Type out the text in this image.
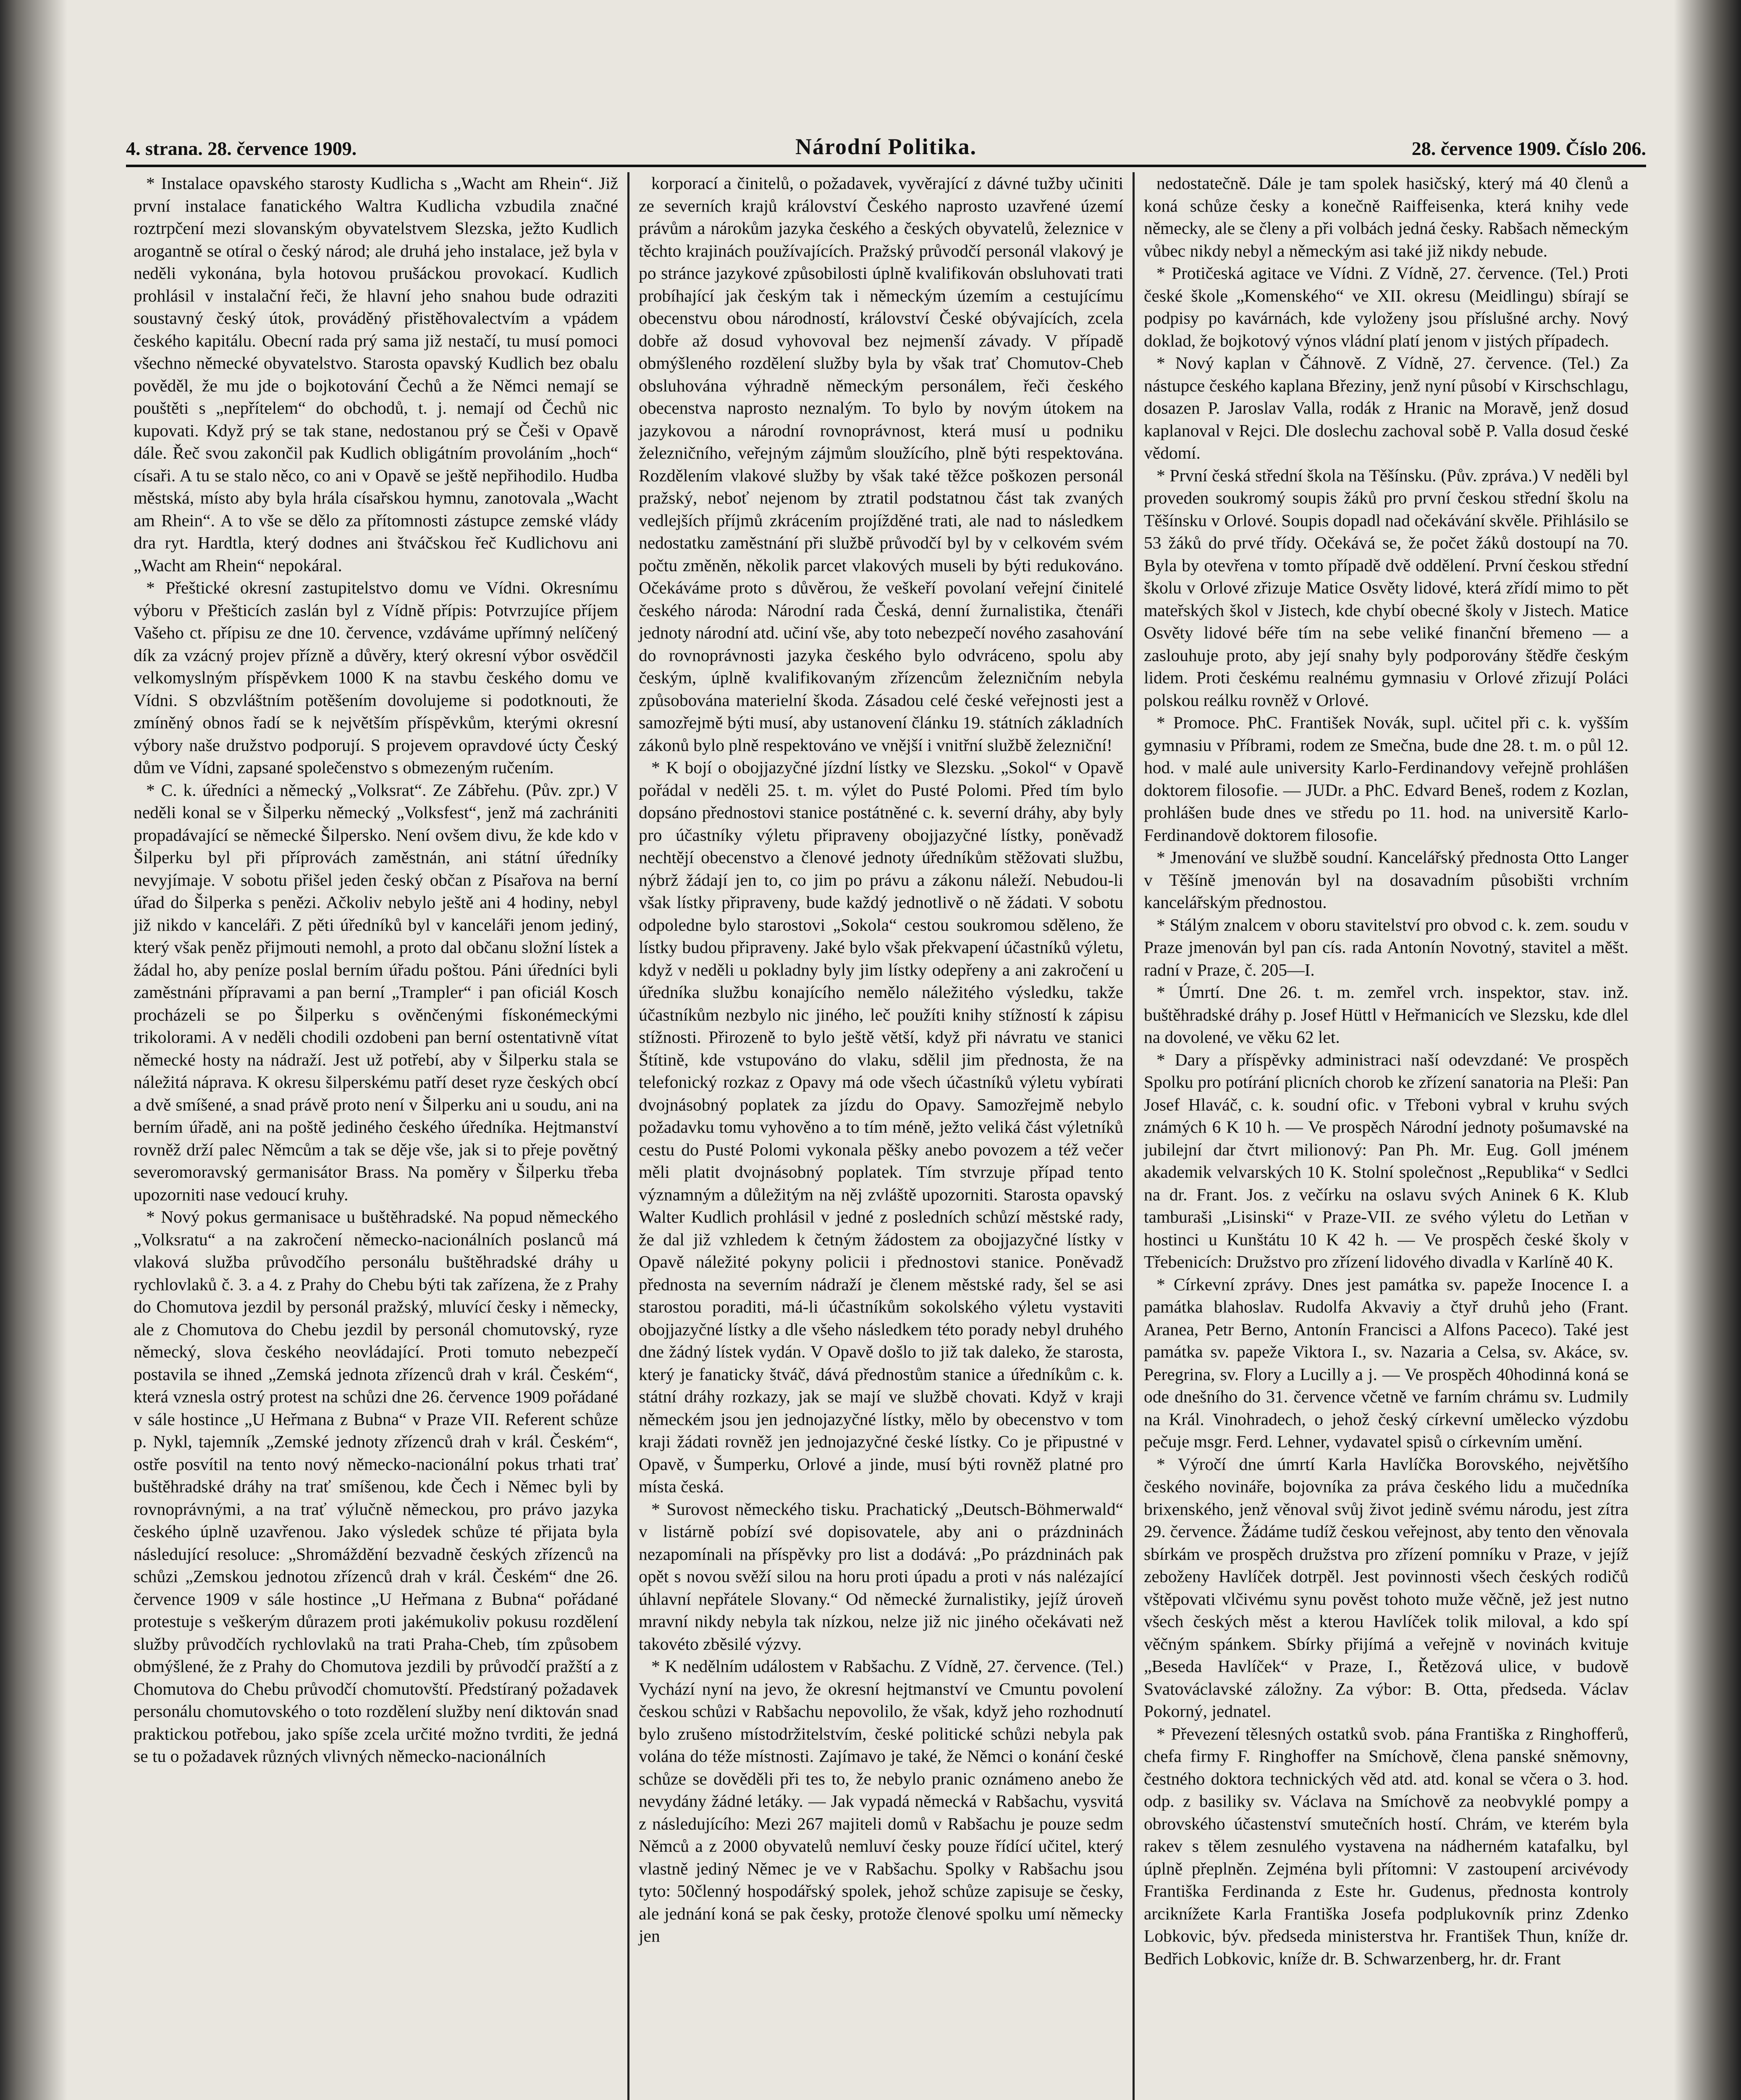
4. strana. 28. července 1909.	Národní Politika.	28. července 1909. Číslo 206.

* Instalace opavského starosty Kudlicha s „Wacht am Rhein“. Již první instalace fanatického Waltra Kudlicha vzbudila značné roztrpčení mezi slovanským obyvatelstvem Slezska, ježto Kudlich arogantně se otíral o český národ; ale druhá jeho instalace, jež byla v neděli vykonána, byla hotovou prušáckou provokací. Kudlich prohlásil v instalační řeči, že hlavní jeho snahou bude odraziti soustavný český útok, prováděný přistěhovalectvím a vpádem českého kapitálu. Obecní rada prý sama již nestačí, tu musí pomoci všechno německé obyvatelstvo. Starosta opavský Kudlich bez obalu pověděl, že mu jde o bojkotování Čechů a že Němci nemají se pouštěti s „nepřítelem“ do obchodů, t. j. nemají od Čechů nic kupovati. Když prý se tak stane, nedostanou prý se Češi v Opavě dále. Řeč svou zakončil pak Kudlich obligátním provoláním „hoch“ císaři. A tu se stalo něco, co ani v Opavě se ještě nepřihodilo. Hudba městská, místo aby byla hrála císařskou hymnu, zanotovala „Wacht am Rhein“. A to vše se dělo za přítomnosti zástupce zemské vlády dra ryt. Hardtla, který dodnes ani štváčskou řeč Kudlichovu ani „Wacht am Rhein“ nepokáral.

* Přeštické okresní zastupitelstvo domu ve Vídni. Okresnímu výboru v Přešticích zaslán byl z Vídně přípis: Potvrzujíce příjem Vašeho ct. přípisu ze dne 10. července, vzdáváme upřímný nelíčený dík za vzácný projev přízně a důvěry, který okresní výbor osvědčil velkomyslným příspěvkem 1000 K na stavbu českého domu ve Vídni. S obzvláštním potěšením dovolujeme si podotknouti, že zmíněný obnos řadí se k největším příspěvkům, kterými okresní výbory naše družstvo podporují. S projevem opravdové úcty Český dům ve Vídni, zapsané společenstvo s obmezeným ručením.

* C. k. úředníci a německý „Volksrat“. Ze Zábřehu. (Pův. zpr.) V neděli konal se v Šilperku německý „Volksfest“, jenž má zachrániti propadávající se německé Šilpersko. Není ovšem divu, že kde kdo v Šilperku byl při příprovách zaměstnán, ani státní úředníky nevyjímaje. V sobotu přišel jeden český občan z Písařova na berní úřad do Šilperka s penězi. Ačkoliv nebylo ještě ani 4 hodiny, nebyl již nikdo v kanceláři. Z pěti úředníků byl v kanceláři jenom jediný, který však peněz přijmouti nemohl, a proto dal občanu složní lístek a žádal ho, aby peníze poslal berním úřadu poštou. Páni úředníci byli zaměstnáni přípravami a pan berní „Trampler“ i pan oficiál Kosch procházeli se po Šilperku s ověnčenými fískonémeckými trikolorami. A v neděli chodili ozdobeni pan berní ostentativně vítat německé hosty na nádraží. Jest už potřebí, aby v Šilperku stala se náležitá náprava. K okresu šilperskému patří deset ryze českých obcí a dvě smíšené, a snad právě proto není v Šilperku ani u soudu, ani na berním úřadě, ani na poště jediného českého úředníka. Hejtmanství rovněž drží palec Němcům a tak se děje vše, jak si to přeje povětný severomoravský germanisátor Brass. Na poměry v Šilperku třeba upozorniti nase vedoucí kruhy.

* Nový pokus germanisace u buštěhradské. Na popud německého „Volksratu“ a na zakročení německo-nacionálních poslanců má vlaková služba průvodčího personálu buštěhradské dráhy u rychlovlaků č. 3. a 4. z Prahy do Chebu býti tak zařízena, že z Prahy do Chomutova jezdil by personál pražský, mluvící česky i německy, ale z Chomutova do Chebu jezdil by personál chomutovský, ryze německý, slova českého neovládající. Proti tomuto nebezpečí postavila se ihned „Zemská jednota zřízenců drah v král. Českém“, která vznesla ostrý protest na schůzi dne 26. července 1909 pořádané v sále hostince „U Heřmana z Bubna“ v Praze VII. Referent schůze p. Nykl, tajemník „Zemské jednoty zřízenců drah v král. Českém“, ostře posvítil na tento nový německo-nacionální pokus trhati trať buštěhradské dráhy na trať smíšenou, kde Čech i Němec byli by rovnoprávnými, a na trať výlučně německou, pro právo jazyka českého úplně uzavřenou. Jako výsledek schůze té přijata byla následující resoluce: „Shromáždění bezvadně českých zřízenců na schůzi „Zemskou jednotou zřízenců drah v král. Českém“ dne 26. července 1909 v sále hostince „U Heřmana z Bubna“ pořádané protestuje s veškerým důrazem proti jakémukoliv pokusu rozdělení služby průvodčích rychlovlaků na trati Praha-Cheb, tím způsobem obmýšlené, že z Prahy do Chomutova jezdili by průvodčí pražští a z Chomutova do Chebu průvodčí chomutovští. Předstíraný požadavek personálu chomutovského o toto rozdělení služby není diktován snad praktickou potřebou, jako spíše zcela určité možno tvrditi, že jedná se tu o požadavek různých vlivných německo-nacionálních

korporací a činitelů, o požadavek, vyvěrající z dávné tužby učiniti ze severních krajů království Českého naprosto uzavřené území právům a nárokům jazyka českého a českých obyvatelů, železnice v těchto krajinách používajících. Pražský průvodčí personál vlakový je po stránce jazykové způsobilosti úplně kvalifikován obsluhovati trati probíhající jak českým tak i německým územím a cestujícímu obecenstvu obou národností, království České obývajících, zcela dobře až dosud vyhovoval bez nejmenší závady. V případě obmýšleného rozdělení služby byla by však trať Chomutov-Cheb obsluhována výhradně německým personálem, řeči českého obecenstva naprosto neznalým. To bylo by novým útokem na jazykovou a národní rovnoprávnost, která musí u podniku železničního, veřejným zájmům sloužícího, plně býti respektována. Rozdělením vlakové služby by však také těžce poškozen personál pražský, neboť nejenom by ztratil podstatnou část tak zvaných vedlejších příjmů zkrácením projížděné trati, ale nad to následkem nedostatku zaměstnání při službě průvodčí byl by v celkovém svém počtu změněn, několik parcet vlakových museli by býti redukováno. Očekáváme proto s důvěrou, že veškeří povolaní veřejní činitelé českého národa: Národní rada Česká, denní žurnalistika, čtenáři jednoty národní atd. učiní vše, aby toto nebezpečí nového zasahování do rovnoprávnosti jazyka českého bylo odvráceno, spolu aby českým, úplně kvalifikovaným zřízencům železničním nebyla způsobována materielní škoda. Zásadou celé české veřejnosti jest a samozřejmě býti musí, aby ustanovení článku 19. státních základních zákonů bylo plně respektováno ve vnější i vnitřní službě železniční!

* K bojí o obojjazyčné jízdní lístky ve Slezsku. „Sokol“ v Opavě pořádal v neděli 25. t. m. výlet do Pusté Polomi. Před tím bylo dopsáno přednostovi stanice postátněné c. k. severní dráhy, aby byly pro účastníky výletu připraveny obojjazyčné lístky, poněvadž nechtějí obecenstvo a členové jednoty úředníkům stěžovati službu, nýbrž žádají jen to, co jim po právu a zákonu náleží. Nebudou-li však lístky připraveny, bude každý jednotlivě o ně žádati. V sobotu odpoledne bylo starostovi „Sokola“ cestou soukromou sděleno, že lístky budou připraveny. Jaké bylo však překvapení účastníků výletu, když v neděli u pokladny byly jim lístky odepřeny a ani zakročení u úředníka službu konajícího nemělo náležitého výsledku, takže účastníkům nezbylo nic jiného, leč použíti knihy stížností k zápisu stížnosti. Přirozeně to bylo ještě větší, když při návratu ve stanici Štítině, kde vstupováno do vlaku, sdělil jim přednosta, že na telefonický rozkaz z Opavy má ode všech účastníků výletu vybírati dvojnásobný poplatek za jízdu do Opavy. Samozřejmě nebylo požadavku tomu vyhověno a to tím méně, ježto veliká část výletníků cestu do Pusté Polomi vykonala pěšky anebo povozem a též večer měli platit dvojnásobný poplatek. Tím stvrzuje případ tento významným a důležitým na něj zvláště upozorniti. Starosta opavský Walter Kudlich prohlásil v jedné z posledních schůzí městské rady, že dal již vzhledem k četným žádostem za obojjazyčné lístky v Opavě náležité pokyny policii i přednostovi stanice. Poněvadž přednosta na severním nádraží je členem městské rady, šel se asi starostou poraditi, má-li účastníkům sokolského výletu vystaviti obojjazyčné lístky a dle všeho následkem této porady nebyl druhého dne žádný lístek vydán. V Opavě došlo to již tak daleko, že starosta, který je fanaticky štváč, dává přednostům stanice a úředníkům c. k. státní dráhy rozkazy, jak se mají ve službě chovati. Když v kraji německém jsou jen jednojazyčné lístky, mělo by obecenstvo v tom kraji žádati rovněž jen jednojazyčné české lístky. Co je připustné v Opavě, v Šumperku, Orlové a jinde, musí býti rovněž platné pro místa česká.

* Surovost německého tisku. Prachatický „Deutsch-Böhmerwald“ v listárně pobízí své dopisovatele, aby ani o prázdninách nezapomínali na příspěvky pro list a dodává: „Po prázdninách pak opět s novou svěží silou na horu proti úpadu a proti v nás nalézající úhlavní nepřátele Slovany.“ Od německé žurnalistiky, jejíž úroveň mravní nikdy nebyla tak nízkou, nelze již nic jiného očekávati než takovéto zběsilé výzvy.

* K nedělním událostem v Rabšachu. Z Vídně, 27. července. (Tel.) Vychází nyní na jevo, že okresní hejtmanství ve Cmuntu povolení českou schůzi v Rabšachu nepovolilo, že však, když jeho rozhodnutí bylo zrušeno místodržitelstvím, české politické schůzi nebyla pak volána do téže místnosti. Zajímavo je také, že Němci o konání české schůze se dověděli při tes to, že nebylo pranic oznámeno anebo že nevydány žádné letáky. — Jak vypadá německá v Rabšachu, vysvitá z následujícího: Mezi 267 majiteli domů v Rabšachu je pouze sedm Němců a z 2000 obyvatelů nemluví česky pouze řídící učitel, který vlastně jediný Němec je ve v Rabšachu. Spolky v Rabšachu jsou tyto: 50členný hospodářský spolek, jehož schůze zapisuje se česky, ale jednání koná se pak česky, protože členové spolku umí německy jen

nedostatečně. Dále je tam spolek hasičský, který má 40 členů a koná schůze česky a konečně Raiffeisenka, která knihy vede německy, ale se členy a při volbách jedná česky. Rabšach německým vůbec nikdy nebyl a německým asi také již nikdy nebude.

* Protičeská agitace ve Vídni. Z Vídně, 27. července. (Tel.) Proti české škole „Komenského“ ve XII. okresu (Meidlingu) sbírají se podpisy po kavárnách, kde vyloženy jsou příslušné archy. Nový doklad, že bojkotový výnos vládní platí jenom v jistých případech.

* Nový kaplan v Čáhnově. Z Vídně, 27. července. (Tel.) Za nástupce českého kaplana Březiny, jenž nyní působí v Kirschschlagu, dosazen P. Jaroslav Valla, rodák z Hranic na Moravě, jenž dosud kaplanoval v Rejci. Dle doslechu zachoval sobě P. Valla dosud české vědomí.

* První česká střední škola na Těšínsku. (Pův. zpráva.) V neděli byl proveden soukromý soupis žáků pro první českou střední školu na Těšínsku v Orlové. Soupis dopadl nad očekávání skvěle. Přihlásilo se 53 žáků do prvé třídy. Očekává se, že počet žáků dostoupí na 70. Byla by otevřena v tomto případě dvě oddělení. První českou střední školu v Orlové zřizuje Matice Osvěty lidové, která zřídí mimo to pět mateřských škol v Jistech, kde chybí obecné školy v Jistech. Matice Osvěty lidové béře tím na sebe veliké finanční břemeno — a zaslouhuje proto, aby její snahy byly podporovány štědře českým lidem. Proti českému realnému gymnasiu v Orlové zřizují Poláci polskou reálku rovněž v Orlové.

* Promoce. PhC. František Novák, supl. učitel při c. k. vyšším gymnasiu v Příbrami, rodem ze Smečna, bude dne 28. t. m. o půl 12. hod. v malé aule university Karlo-Ferdinandovy veřejně prohlášen doktorem filosofie. — JUDr. a PhC. Edvard Beneš, rodem z Kozlan, prohlášen bude dnes ve středu po 11. hod. na universitě Karlo-Ferdinandově doktorem filosofie.

* Jmenování ve službě soudní. Kancelářský přednosta Otto Langer v Těšíně jmenován byl na dosavadním působišti vrchním kancelářským přednostou.

* Stálým znalcem v oboru stavitelství pro obvod c. k. zem. soudu v Praze jmenován byl pan cís. rada Antonín Novotný, stavitel a měšt. radní v Praze, č. 205—I.

* Úmrtí. Dne 26. t. m. zemřel vrch. inspektor, stav. inž. buštěhradské dráhy p. Josef Hüttl v Heřmanicích ve Slezsku, kde dlel na dovolené, ve věku 62 let.

* Dary a příspěvky administraci naší odevzdané: Ve prospěch Spolku pro potírání plicních chorob ke zřízení sanatoria na Pleši: Pan Josef Hlaváč, c. k. soudní ofic. v Třeboni vybral v kruhu svých známých 6 K 10 h. — Ve prospěch Národní jednoty pošumavské na jubilejní dar čtvrt milionový: Pan Ph. Mr. Eug. Goll jménem akademik velvarských 10 K. Stolní společnost „Republika“ v Sedlci na dr. Frant. Jos. z večírku na oslavu svých Aninek 6 K. Klub tamburaši „Lisinski“ v Praze-VII. ze svého výletu do Letňan v hostinci u Kunštátu 10 K 42 h. — Ve prospěch české školy v Třebenicích: Družstvo pro zřízení lidového divadla v Karlíně 40 K.

* Církevní zprávy. Dnes jest památka sv. papeže Inocence I. a památka blahoslav. Rudolfa Akvaviy a čtyř druhů jeho (Frant. Aranea, Petr Berno, Antonín Francisci a Alfons Paceco). Také jest památka sv. papeže Viktora I., sv. Nazaria a Celsa, sv. Akáce, sv. Peregrina, sv. Flory a Lucilly a j. — Ve prospěch 40hodinná koná se ode dnešního do 31. července včetně ve farním chrámu sv. Ludmily na Král. Vinohradech, o jehož český církevní umělecko výzdobu pečuje msgr. Ferd. Lehner, vydavatel spisů o církevním umění.

* Výročí dne úmrtí Karla Havlíčka Borovského, největšího českého novináře, bojovníka za práva českého lidu a mučedníka brixenského, jenž věnoval svůj život jedině svému národu, jest zítra 29. července. Žádáme tudíž českou veřejnost, aby tento den věnovala sbírkám ve prospěch družstva pro zřízení pomníku v Praze, v jejíž zeboženy Havlíček dotrpěl. Jest povinnosti všech českých rodičů vštěpovati vlčivému synu pověst tohoto muže věčně, jež jest nutno všech českých měst a kterou Havlíček tolik miloval, a kdo spí věčným spánkem. Sbírky přijímá a veřejně v novinách kvituje „Beseda Havlíček“ v Praze, I., Řetězová ulice, v budově Svatováclavské záložny. Za výbor: B. Otta, předseda. Václav Pokorný, jednatel.

* Převezení tělesných ostatků svob. pána Františka z Ringhofferů, chefa firmy F. Ringhoffer na Smíchově, člena panské sněmovny, čestného doktora technických věd atd. atd. konal se včera o 3. hod. odp. z basiliky sv. Václava na Smíchově za neobvyklé pompy a obrovského účastenství smutečních hostí. Chrám, ve kterém byla rakev s tělem zesnulého vystavena na nádherném katafalku, byl úplně přeplněn. Zejména byli přítomni: V zastoupení arcivévody Františka Ferdinanda z Este hr. Gudenus, přednosta kontroly arciknížete Karla Františka Josefa podplukovník prinz Zdenko Lobkovic, býv. předseda ministerstva hr. František Thun, kníže dr. Bedřich Lobkovic, kníže dr. B. Schwarzenberg, hr. dr. Frant
